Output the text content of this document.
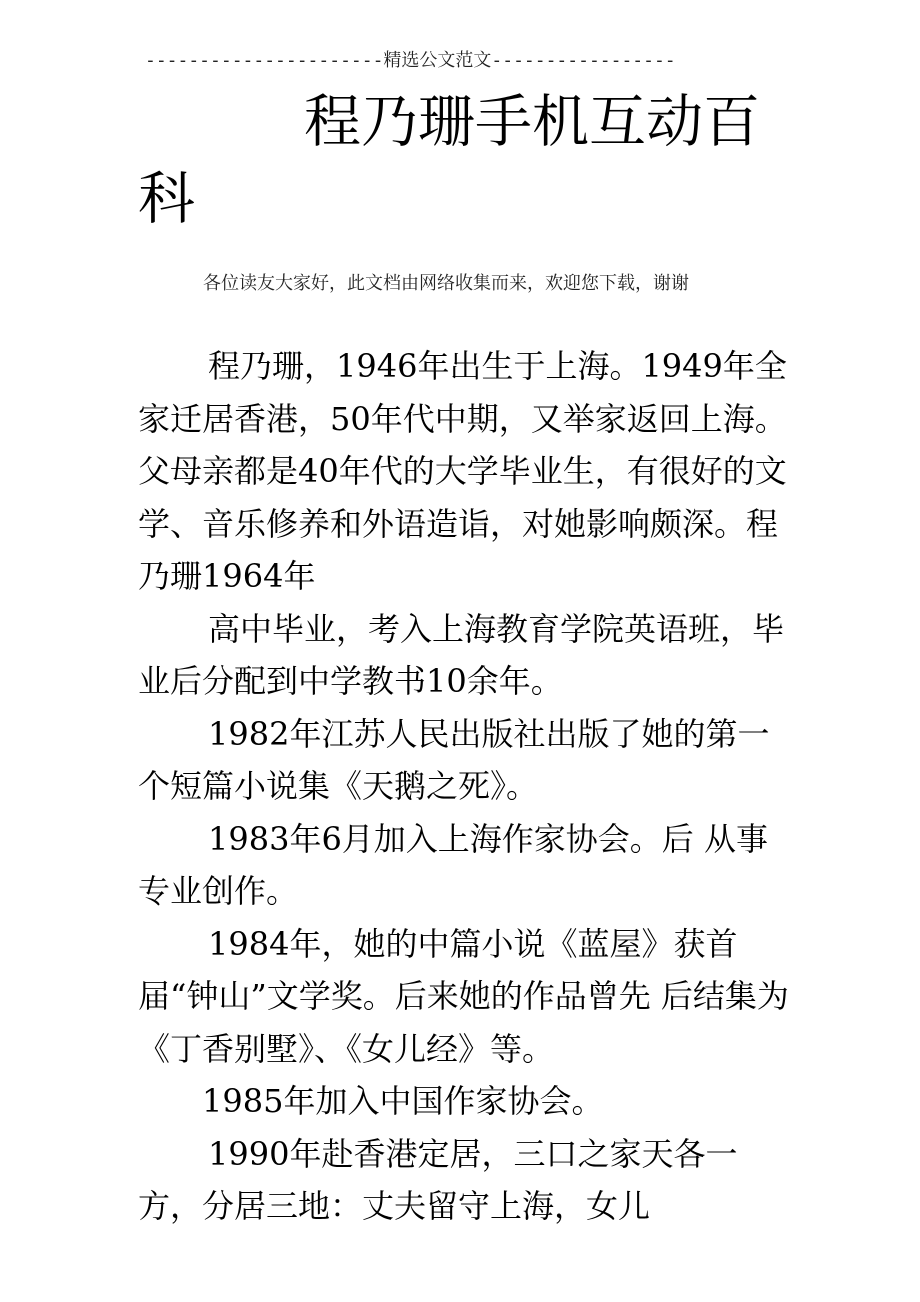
----------------------精选公文范文-----------------
程乃珊手机互动百科
各位读友大家好，此文档由网络收集而来，欢迎您下载，谢谢

程乃珊，1946年出生于上海。1949年全家迁居香港，50年代中期，又举家返回上海。父母亲都是40年代的大学毕业生，有很好的文学、音乐修养和外语造诣，对她影响颇深。程乃珊1964年

高中毕业，考入上海教育学院英语班，毕业后分配到中学教书10余年。

1982年江苏人民出版社出版了她的第一个短篇小说集《天鹅之死》。

1983年6月加入上海作家协会。后 从事专业创作。

1984年，她的中篇小说《蓝屋》获首届“钟山”文学奖。后来她的作品曾先 后结集为《丁香别墅》、《女儿经》等。

1985年加入中国作家协会。

1990年赴香港定居，三口之家天各一方，分居三地：丈夫留守上海，女儿
